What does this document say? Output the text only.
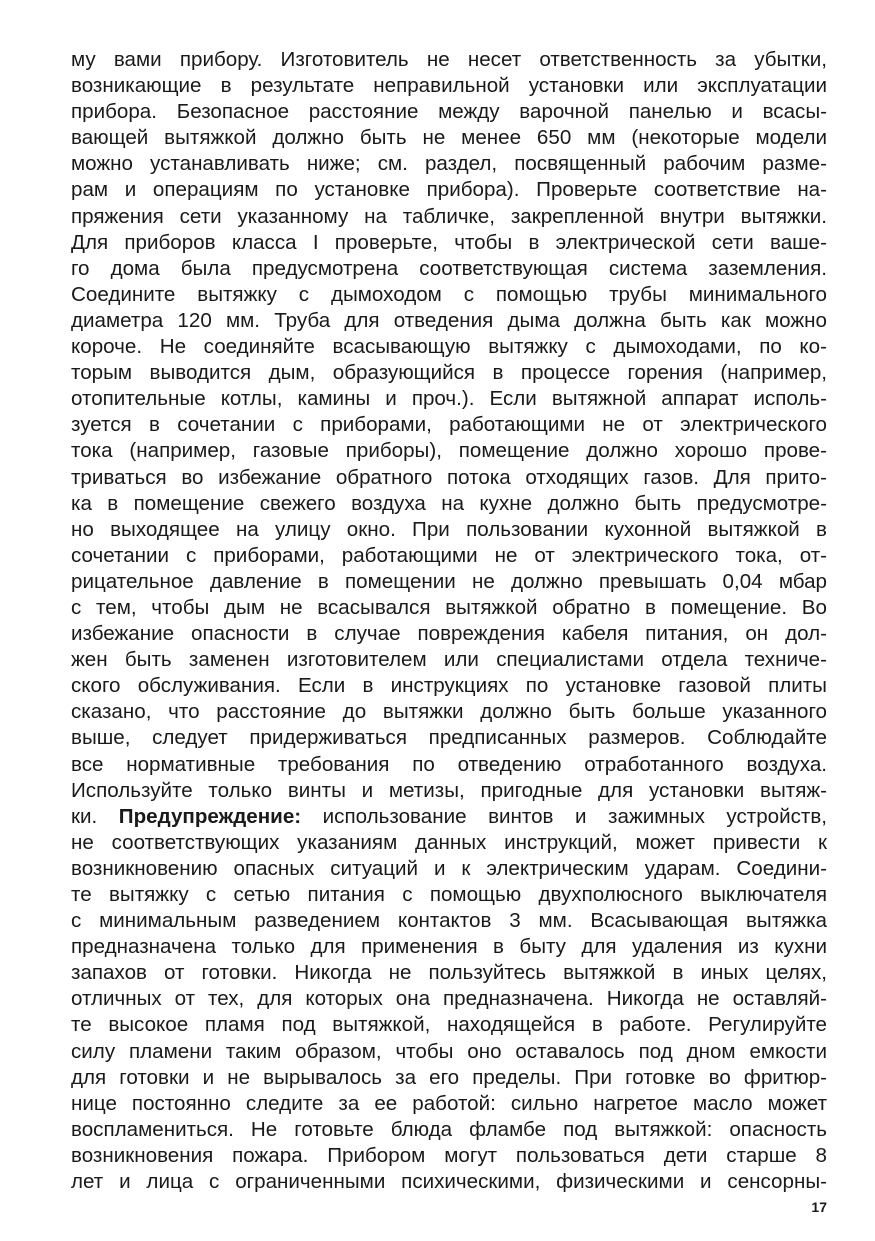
му вами прибору. Изготовитель не несет ответственность за убытки,
возникающие в результате неправильной установки или эксплуатации
прибора. Безопасное расстояние между варочной панелью и всасы-
вающей вытяжкой должно быть не менее 650 мм (некоторые модели
можно устанавливать ниже; см. раздел, посвященный рабочим разме-
рам и операциям по установке прибора). Проверьте соответствие на-
пряжения сети указанному на табличке, закрепленной внутри вытяжки.
Для приборов класса I проверьте, чтобы в электрической сети ваше-
го дома была предусмотрена соответствующая система заземления.
Соедините вытяжку с дымоходом с помощью трубы минимального
диаметра 120 мм. Труба для отведения дыма должна быть как можно
короче. Не соединяйте всасывающую вытяжку с дымоходами, по ко-
торым выводится дым, образующийся в процессе горения (например,
отопительные котлы, камины и проч.). Если вытяжной аппарат исполь-
зуется в сочетании с приборами, работающими не от электрического
тока (например, газовые приборы), помещение должно хорошо прове-
триваться во избежание обратного потока отходящих газов. Для прито-
ка в помещение свежего воздуха на кухне должно быть предусмотре-
но выходящее на улицу окно. При пользовании кухонной вытяжкой в
сочетании с приборами, работающими не от электрического тока, от-
рицательное давление в помещении не должно превышать 0,04 мбар
с тем, чтобы дым не всасывался вытяжкой обратно в помещение. Во
избежание опасности в случае повреждения кабеля питания, он дол-
жен быть заменен изготовителем или специалистами отдела техниче-
ского обслуживания. Если в инструкциях по установке газовой плиты
сказано, что расстояние до вытяжки должно быть больше указанного
выше, следует придерживаться предписанных размеров. Соблюдайте
все нормативные требования по отведению отработанного воздуха.
Используйте только винты и метизы, пригодные для установки вытяж-
ки. Предупреждение: использование винтов и зажимных устройств,
не соответствующих указаниям данных инструкций, может привести к
возникновению опасных ситуаций и к электрическим ударам. Соедини-
те вытяжку с сетью питания с помощью двухполюсного выключателя
с минимальным разведением контактов 3 мм. Всасывающая вытяжка
предназначена только для применения в быту для удаления из кухни
запахов от готовки. Никогда не пользуйтесь вытяжкой в иных целях,
отличных от тех, для которых она предназначена. Никогда не оставляй-
те высокое пламя под вытяжкой, находящейся в работе. Регулируйте
силу пламени таким образом, чтобы оно оставалось под дном емкости
для готовки и не вырывалось за его пределы. При готовке во фритюр-
нице постоянно следите за ее работой: сильно нагретое масло может
воспламениться. Не готовьте блюда фламбе под вытяжкой: опасность
возникновения пожара. Прибором могут пользоваться дети старше 8
лет и лица с ограниченными психическими, физическими и сенсорны-
17
